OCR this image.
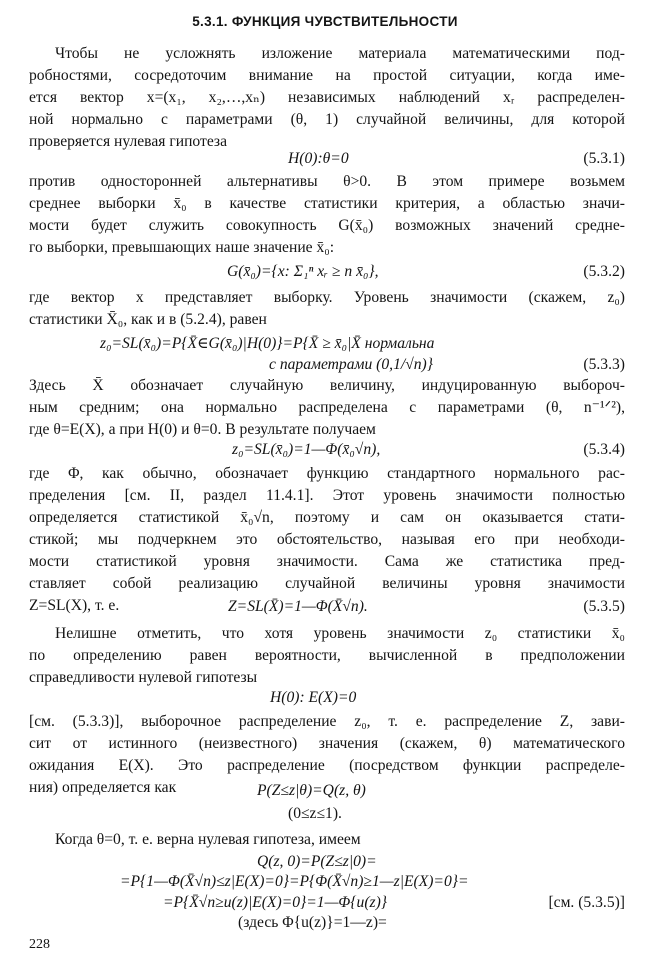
5.3.1. ФУНКЦИЯ ЧУВСТВИТЕЛЬНОСТИ
Чтобы не усложнять изложение материала математическими под-
робностями, сосредоточим внимание на простой ситуации, когда име-
ется вектор x=(x₁, x₂,…,xₙ) независимых наблюдений xᵣ распределен-
ной нормально с параметрами (θ, 1) случайной величины, для которой
проверяется нулевая гипотеза
H(0):θ=0	(5.3.1)
против односторонней альтернативы θ>0. В этом примере возьмем
среднее выборки x̄₀ в качестве статистики критерия, а областью значи-
мости будет служить совокупность G(x̄₀) возможных значений средне-
го выборки, превышающих наше значение x̄₀:
G(x̄₀)={x: Σ₁ⁿ xᵣ ≥ n x̄₀},	(5.3.2)
где вектор x представляет выборку. Уровень значимости (скажем, z₀)
статистики X̄₀, как и в (5.2.4), равен
z₀=SL(x̄₀)=P{X̄∈G(x̄₀)|H(0)}=P{X̄ ≥ x̄₀|X̄ нормальна
с параметрами (0,1/√n)}	(5.3.3)
Здесь X̄ обозначает случайную величину, индуцированную выбороч-
ным средним; она нормально распределена с параметрами (θ, n⁻¹ᐟ²),
где θ=E(X), а при H(0) и θ=0. В результате получаем
z₀=SL(x̄₀)=1—Φ(x̄₀√n),	(5.3.4)
где Φ, как обычно, обозначает функцию стандартного нормального рас-
пределения [см. II, раздел 11.4.1]. Этот уровень значимости полностью
определяется статистикой x̄₀√n, поэтому и сам он оказывается стати-
стикой; мы подчеркнем это обстоятельство, называя его при необходи-
мости статистикой уровня значимости. Сама же статистика пред-
ставляет собой реализацию случайной величины уровня значимости
Z=SL(X), т. е.	Z=SL(X̄)=1—Φ(X̄√n).	(5.3.5)
Нелишне отметить, что хотя уровень значимости z₀ статистики x̄₀
по определению равен вероятности, вычисленной в предположении
справедливости нулевой гипотезы
H(0): E(X)=0
[см. (5.3.3)], выборочное распределение z₀, т. е. распределение Z, зави-
сит от истинного (неизвестного) значения (скажем, θ) математического
ожидания E(X). Это распределение (посредством функции распределе-
ния) определяется как	P(Z≤z|θ)=Q(z, θ)
(0≤z≤1).
Когда θ=0, т. е. верна нулевая гипотеза, имеем
Q(z, 0)=P(Z≤z|0)=
=P{1—Φ(X̄√n)≤z|E(X)=0}=P{Φ(X̄√n)≥1—z|E(X)=0}=
=P{X̄√n≥u(z)|E(X)=0}=1—Φ{u(z)}	[см. (5.3.5)]
(здесь Φ{u(z)}=1—z)=
228
